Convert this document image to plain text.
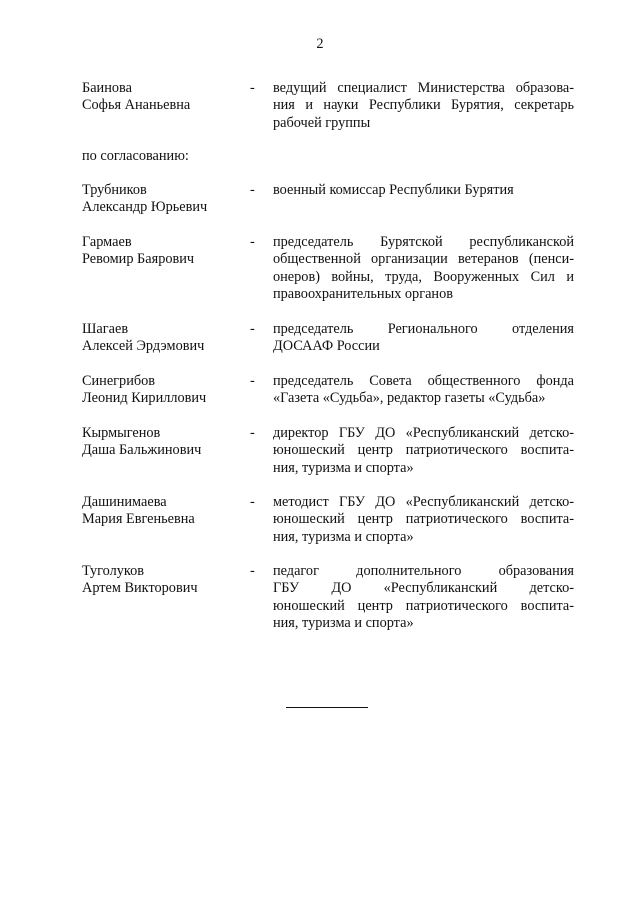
2
Баинова
Софья Ананьевна
- ведущий специалист Министерства образова-
ния и науки Республики Бурятия, секретарь
рабочей группы
по согласованию:
Трубников
Александр Юрьевич
- военный комиссар Республики Бурятия
Гармаев
Ревомир Баярович
- председатель Бурятской республиканской
общественной организации ветеранов (пенси-
онеров) войны, труда, Вооруженных Сил и
правоохранительных органов
Шагаев
Алексей Эрдэмович
- председатель Регионального отделения
ДОСААФ России
Синегрибов
Леонид Кириллович
- председатель Совета общественного фонда
«Газета «Судьба», редактор газеты «Судьба»
Кырмыгенов
Даша Бальжинович
- директор ГБУ ДО «Республиканский детско-
юношеский центр патриотического воспита-
ния, туризма и спорта»
Дашинимаева
Мария Евгеньевна
- методист ГБУ ДО «Республиканский детско-
юношеский центр патриотического воспита-
ния, туризма и спорта»
Туголуков
Артем Викторович
- педагог дополнительного образования
ГБУ ДО «Республиканский детско-
юношеский центр патриотического воспита-
ния, туризма и спорта»
